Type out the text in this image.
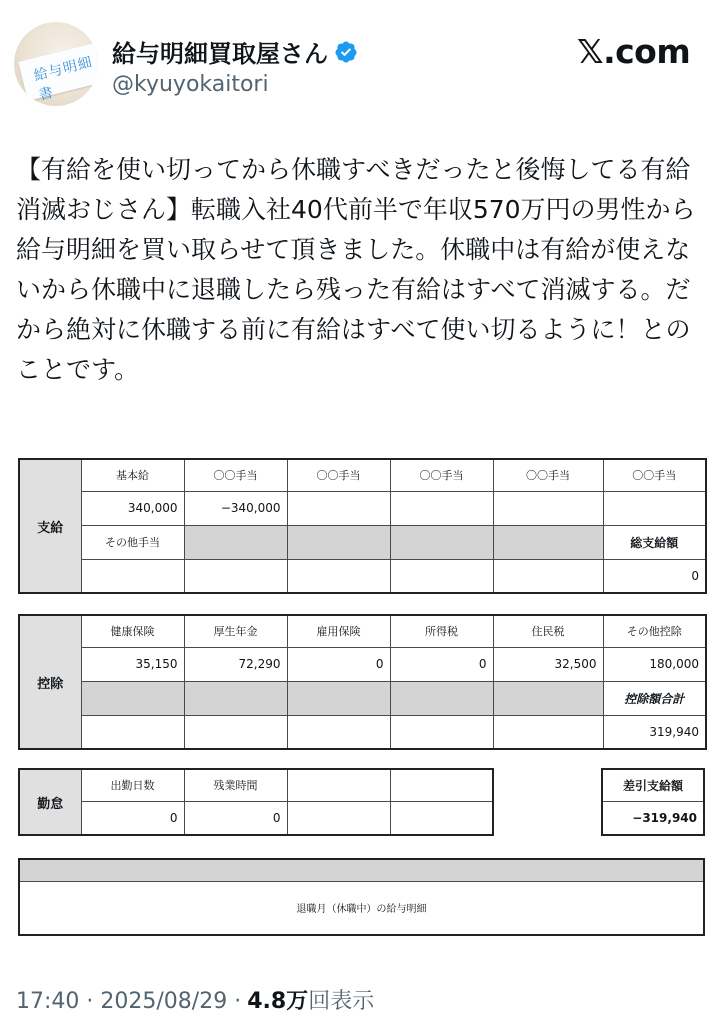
給与明細書
給与明細買取屋さん
@kyuyokaitori
𝕏.com
【有給を使い切ってから休職すべきだったと後悔してる有給消滅おじさん】転職入社40代前半で年収570万円の男性から給与明細を買い取らせて頂きました。休職中は有給が使えないから休職中に退職したら残った有給はすべて消滅する。だから絶対に休職する前に有給はすべて使い切るように！とのことです。
支給	基本給	〇〇手当	〇〇手当	〇〇手当	〇〇手当	〇〇手当
	340,000	−340,000				
	その他手当					総支給額
						0
控除	健康保険	厚生年金	雇用保険	所得税	住民税	その他控除
	35,150	72,290	0	0	32,500	180,000
						控除額合計
						319,940
勤怠	出勤日数	残業時間		
	0	0		
差引支給額
−319,940

退職月（休職中）の給与明細
17:40 · 2025/08/29 · 4.8万 回表示
